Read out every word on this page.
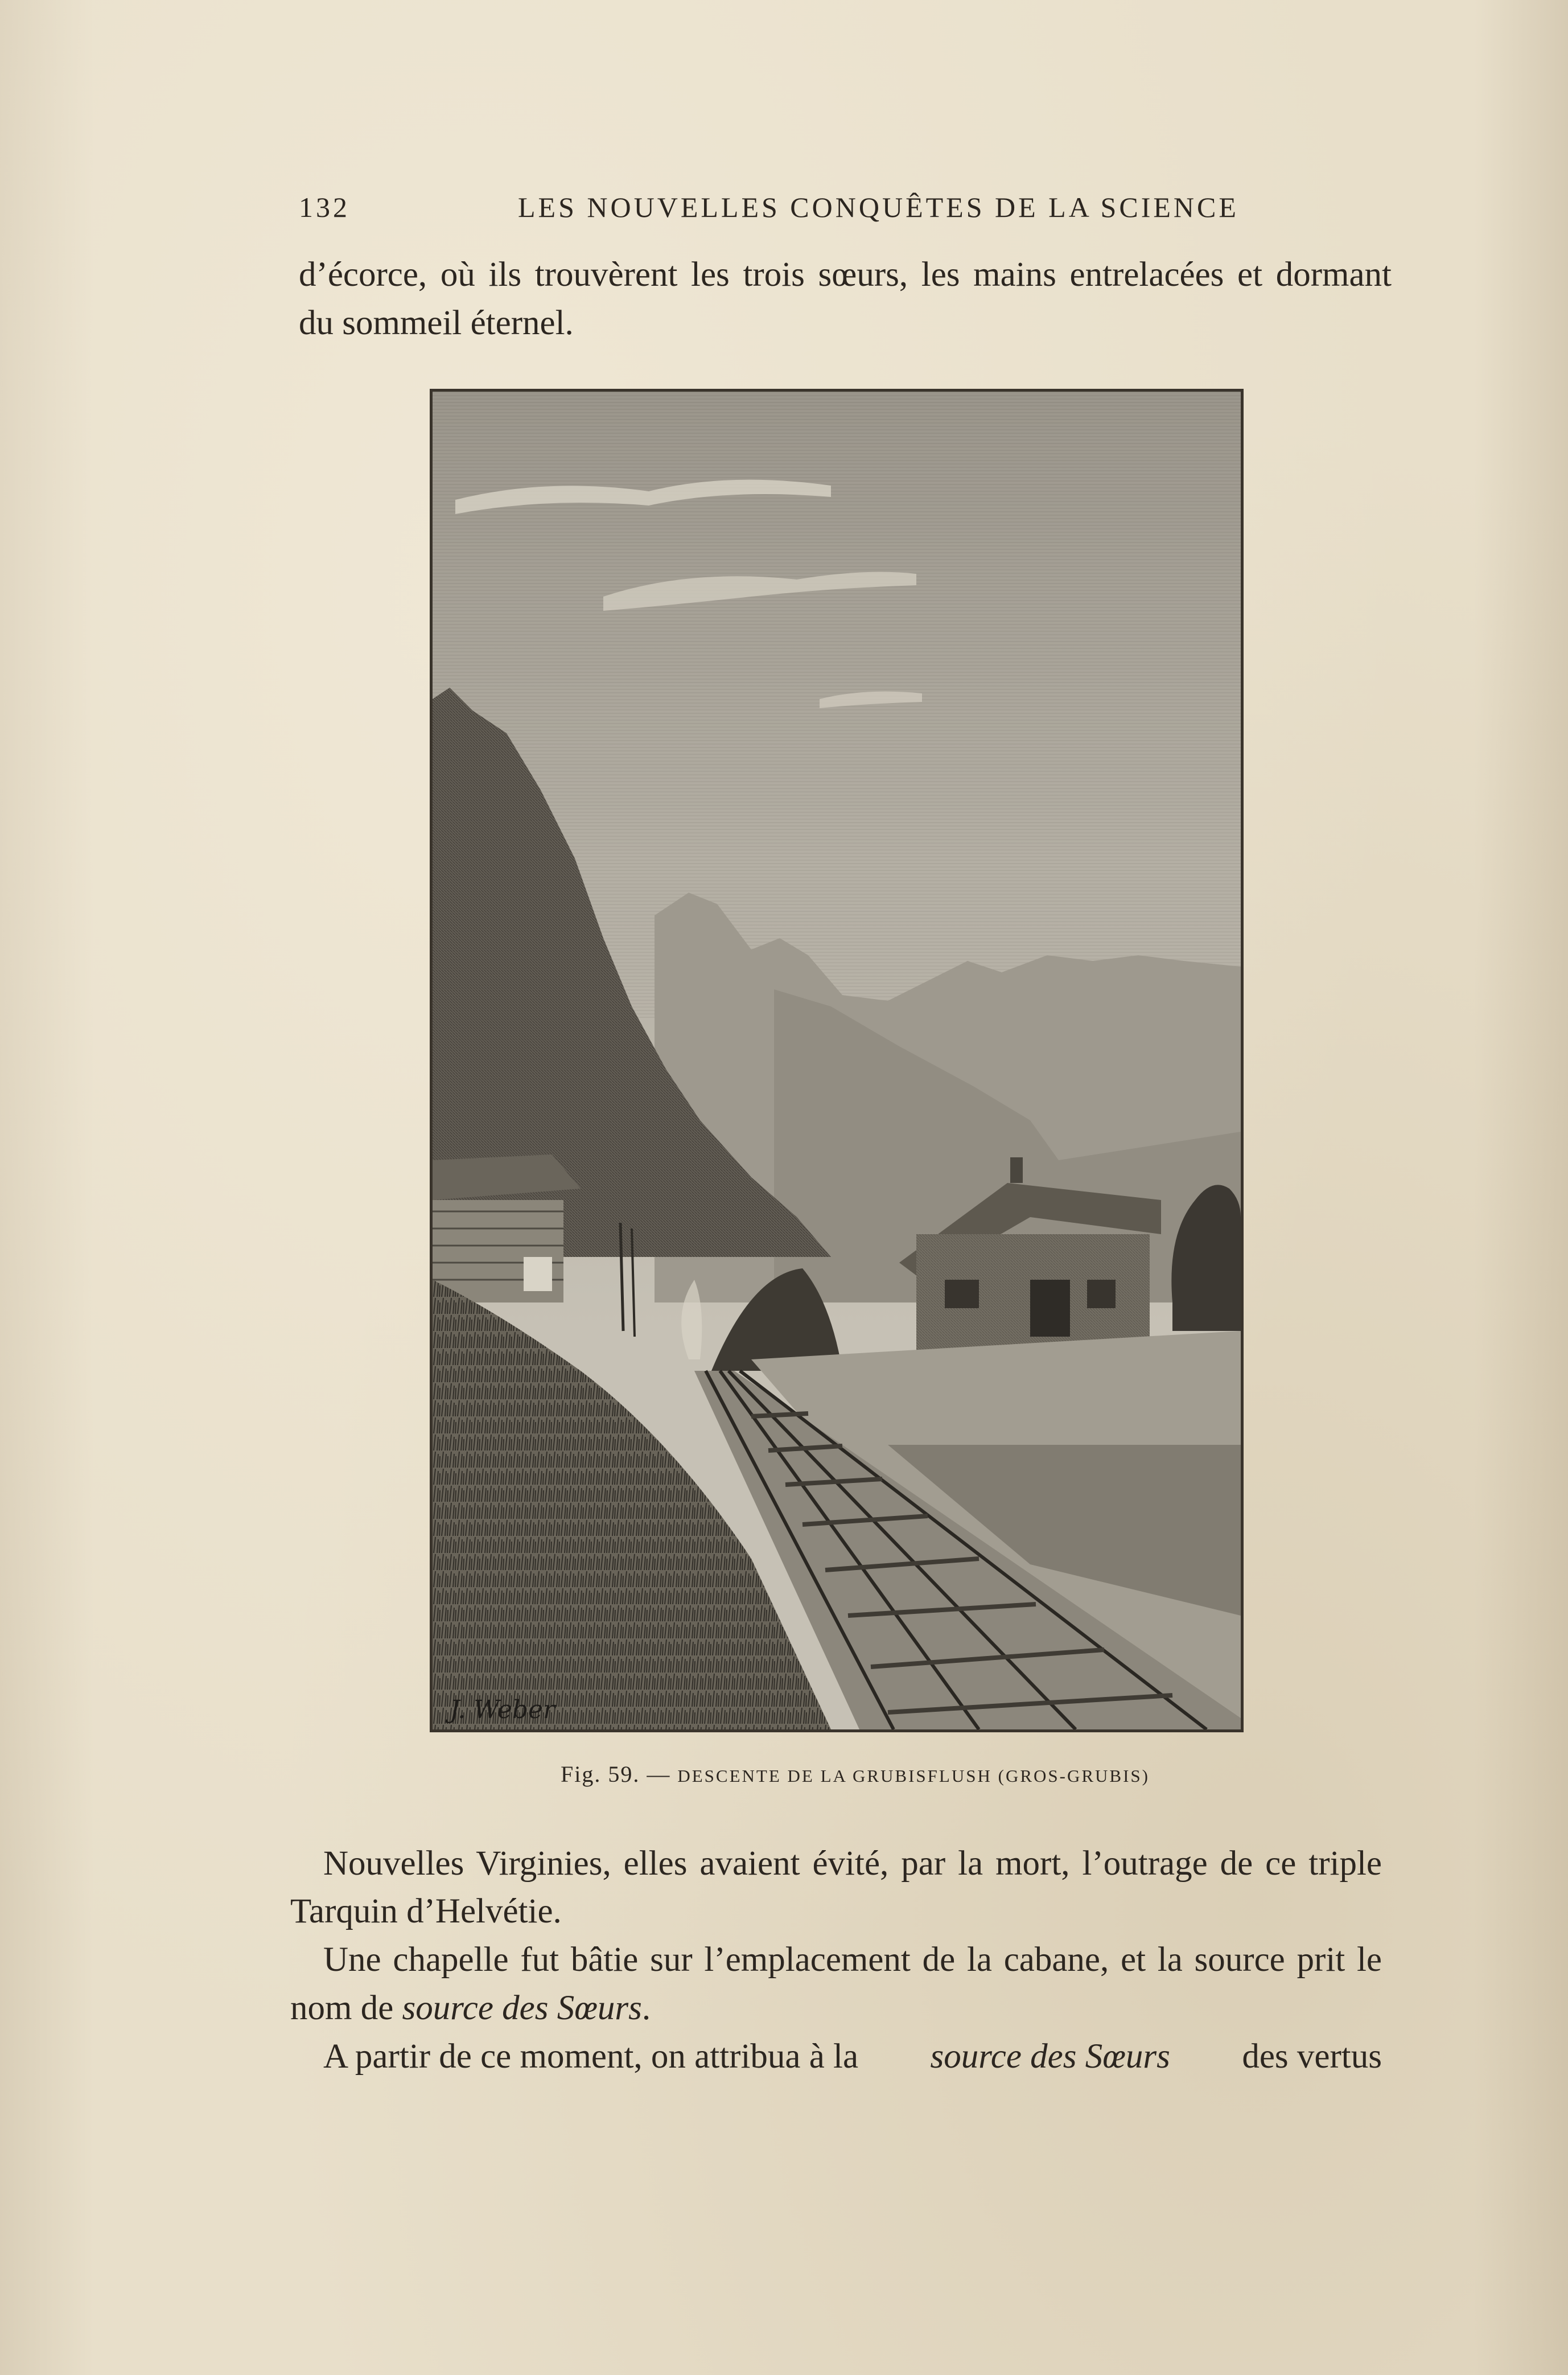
132	LES NOUVELLES CONQUÊTES DE LA SCIENCE
d’écorce, où ils trouvèrent les trois sœurs, les mains entrelacées et dormant
du sommeil éternel.
J. Weber
Fig. 59. — DESCENTE DE LA GRUBISFLUSH (GROS-GRUBIS)
Nouvelles Virginies, elles avaient évité, par la mort, l’outrage de ce triple
Tarquin d’Helvétie.
Une chapelle fut bâtie sur l’emplacement de la cabane, et la source prit le
nom de source des Sœurs.
A partir de ce moment, on attribua à la source des Sœurs des vertus
